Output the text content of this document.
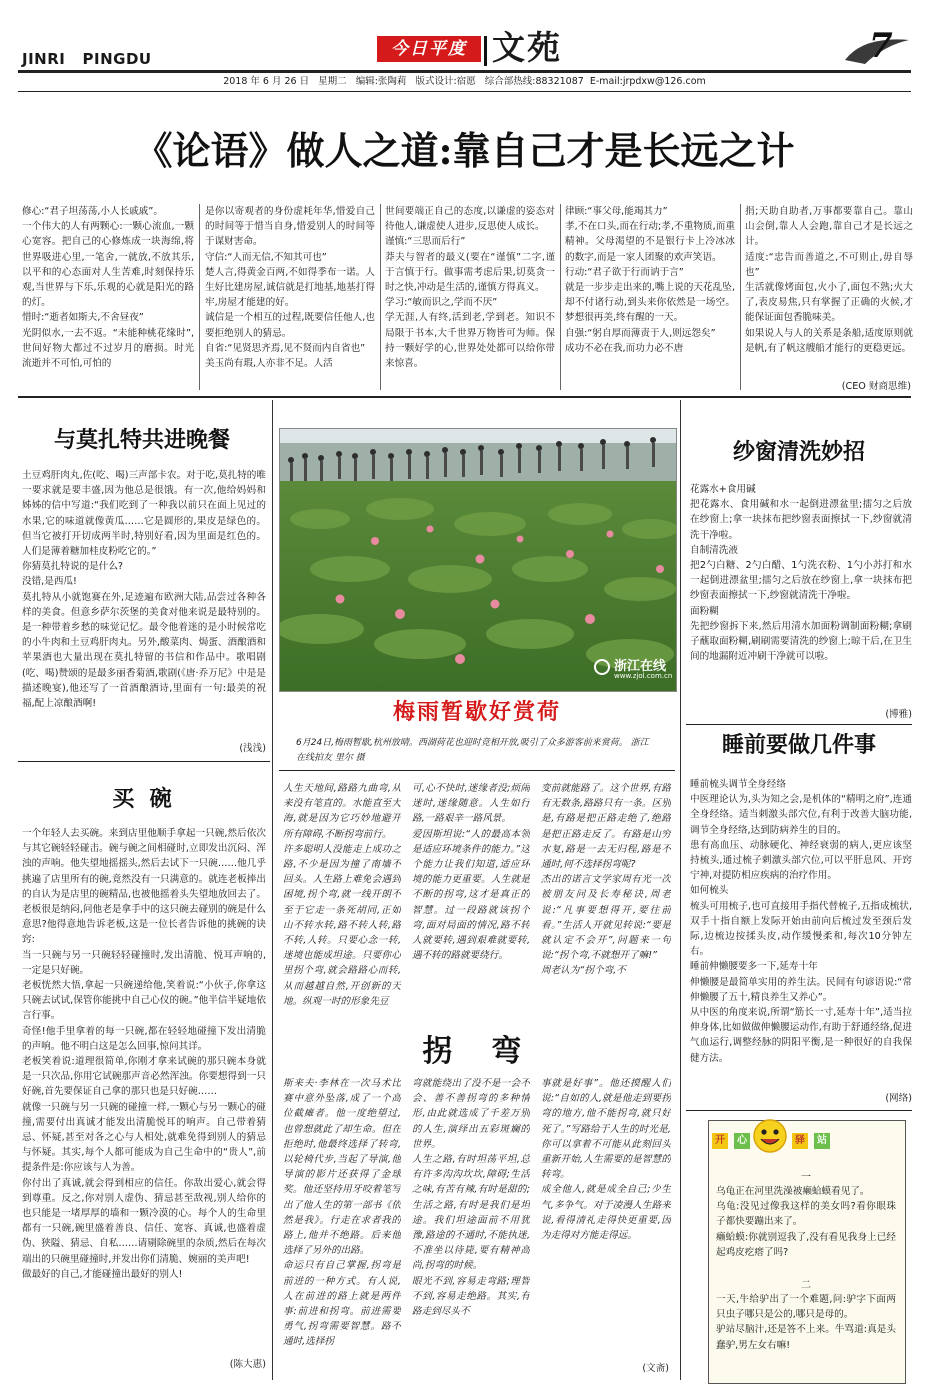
JINRI   PINGDU	今日平度 文苑	7
2018 年 6 月 26 日   星期二   编辑:张陶莉   版式设计:宿愿   综合部热线:88321087  E-mail:jrpdxw@126.com
《论语》做人之道:靠自己才是长远之计
修心:“君子坦荡荡,小人长戚戚”。
一个伟大的人有两颗心:一颗心流血,一颗心宽容。把自己的心修炼成一块海绵,将世界吸进心里,一笔舍,一就放,不放其乐,以平和的心态面对人生苦难,时刻保持乐观,当世界与下乐,乐观的心就是阳光的路的灯。
惜时:“逝者如斯夫,不舍昼夜”
光阴似水,一去不返。“未能种桃花缘时”,世间好物大都过不过岁月的磨损。时光流逝并不可怕,可怕的
是你以寄观者的身份虚耗年华,惜爱自己的时间等于惜当自身,惜爱别人的时间等于谋财害命。
守信:“人而无信,不知其可也”
楚人言,得黄金百两,不如得季布一诺。人生好比建房屋,诚信就是打地基,地基打得牢,房屋才能建的好。
诚信是一个相互的过程,既要信任他人,也要拒绝别人的猜忌。
自省:“见贤思齐焉,见不贤而内自省也”
美玉尚有瑕,人亦非不足。人活
世间要端正自己的态度,以谦虚的姿态对待他人,谦虚使人进步,反思使人成长。
谨慎:“三思而后行”
莽夫与智者的最义(要在“谨慎”二字,谨于言慎于行。做事需考虑后果,切莫贪一时之快,冲动是生活的,谨慎方得真义。
学习:“敏而识之,学而不厌”
学无涯,人有终,活到老,学到老。知识不局限于书本,大千世界万物皆可为师。保持一颗好学的心,世界处处都可以给你带来惊喜。
律顾:“事父母,能竭其力”
孝,不在口头,而在行动;孝,不重物质,而重精神。父母渴望的不是银行卡上冷冰冰的数字,而是一家人团聚的欢声笑语。
行动:“君子欲于行而讷于言”
就是一步步走出来的,嘴上说的天花乱坠,却不付诸行动,到头来你依然是一场空。梦想很再美,终有醒的一天。
自强:“躬自厚而薄责于人,则远怨矣”
成功不必在我,而功力必不唐
捐;天助自助者,万事都要靠自己。靠山山会倒,靠人人会跑,靠自己才是长远之计。
适度:“忠告而善道之,不可则止,毋自辱也”
生活就像烤面包,火小了,面包不熟;火大了,表皮易焦,只有掌握了正确的火候,才能保证面包香脆味美。
如果说人与人的关系是条船,适度原则就是帆,有了帆这艘船才能行的更稳更远。
(CEO 财商思维)
与莫扎特共进晚餐
土豆鸡肝肉丸,佐(吃、喝)三声部卡农。对于吃,莫扎特的唯一要求就是要丰盛,因为他总是很饿。有一次,他给妈妈和姊姊的信中写道:“我们吃到了一种我以前只在面上见过的水果,它的味道就像黄瓜……它是圆形的,果皮是绿色的。但当它被打开切成两半时,特别好看,因为里面是红色的。人们是薄着糖加桂皮粉吃它的。”
你猜莫扎特说的是什么?
没错,是西瓜!
莫扎特从小就饱赛在外,足迹遍布欧洲大陆,品尝过各种各样的美食。但意乡萨尔茨堡的美食对他来说是最特别的。是一种带着乡愁的味觉记忆。最令他着迷的是小时候常吃的小牛肉和土豆鸡肝肉丸。另外,酸菜肉、焗蛋、酒酿酒和苹果酒也大量出现在莫扎特留的书信和作品中。歌唱剧(吃、喝)赞颂的是最多丽香菊酒,歌剧(《唐·乔万尼》中是是描述晚宴),他还写了一首酒酿酒诗,里面有一句:最美的祝福,配上凉酿酒啊!
(浅浅)
买  碗
一个年轻人去买碗。来到店里他顺手拿起一只碗,然后依次与其它碗轻轻碰击。碗与碗之间相碰时,立即发出沉闷、浑浊的声响。他失望地摇摇头,然后去试下一只碗……他几乎挑遍了店里所有的碗,竟然没有一只满意的。就连老板捧出的自认为是店里的碗精品,也被他摇着头失望地放回去了。老板很是纳闷,问他老是拿手中的这只碗去碰别的碗是什么意思?他得意地告诉老板,这是一位长者告诉他的挑碗的诀窍:
当一只碗与另一只碗轻轻碰撞时,发出清脆、悦耳声响的,一定是只好碗。
老板恍然大悟,拿起一只碗递给他,笑着说:“小伙子,你拿这只碗去试试,保管你能挑中自己心仪的碗。”他半信半疑地依言行事。
奇怪!他手里拿着的每一只碗,都在轻轻地碰撞下发出清脆的声响。他不明白这是怎么回事,惊问其详。
老板笑着说:道理很简单,你刚才拿来试碗的那只碗本身就是一只次品,你用它试碗那声音必然浑浊。你要想得到一只好碗,首先要保证自己拿的那只也是只好碗……
就像一只碗与另一只碗的碰撞一样,一颗心与另一颗心的碰撞,需要付出真诚才能发出清脆悦耳的响声。自己带着猜忌、怀疑,甚至对各之心与人相处,就难免得到别人的猜忌与怀疑。其实,每个人都可能成为自己生命中的“贵人”,前提条件是:你应该与人为善。
你付出了真诚,就会得到相应的信任。你敌出爱心,就会得到尊重。反之,你对别人虚伪、猜忌甚至敌视,别人给你的也只能是一堵厚厚的墙和一颗冷漠的心。每个人的生命里都有一只碗,碗里盛着善良、信任、宽容、真诚,也盛着虚伪、狭隘、猜忌、自私……请剔除碗里的杂质,然后在每次端出的只碗里碰撞时,并发出你们清脆、婉丽的美声吧!
做最好的自己,才能碰撞出最好的别人!
(陈大惠)
浙江在线
www.zjol.com.cn
梅雨暂歇好赏荷
6月24日,梅雨暂歇,杭州放晴。西湖荷花也迎时竞相开放,吸引了众多游客前来赏荷。 浙江在线拍友 里尔 摄
人生天地间,路路九曲弯,从来没有笔直的。水能直至大海,就是因为它巧妙地避开所有障碍,不断拐弯前行。
许多聪明人没能走上成功之路,不少是因为撞了南墙不回头。人生路上难免会遇到困境,拐个弯,就一线开朗不至于它走一条死胡同,正如山不转水转,路不转人转,路不转,人转。只要心念一转,迷境也能成坦途。只要你心里拐个弯,就会路路心而转,从而越越自然,开创新的天地。纵观一时的形象先豆
可,心不快时,迷缘者没;烦闹迷时,迷缘随意。人生如行路,一路艰辛一路风景。
爱因斯坦说:“人的最高本领是适应环境条件的能力。”这个能力让我们知道,适应环境的能力更重要。人生就是不断的拐弯,这才是真正的智慧。过一段路就该拐个弯,面对局面的情况,路不转人就要转,遇到艰难就要转,遇不转的路就要绕行。
变前就能路了。这个世界,有路有无数条,路路只有一条。区别是,有路是把正路走绝了,绝路是把正路走反了。有路是山穷水复,路是一去无归程,路是不通时,何不选择拐弯呢?
杰出的诺言文学家周有光一次被朋友问及长寿秘诀,周老说:“凡事要想得开,要往前看。”生活人开就见转说:“要是就认定不会开”,问题来一句说:“拐个弯,不就想开了嘛!”
周老认为“拐个弯,不
拐  弯
斯来夫·李林在一次马术比赛中意外坠落,成了一个高位截瘫者。他一度绝望过,也曾想就此了却生命。但在拒绝时,他最终选择了转弯,以轮椅代步,当起了导演,他导演的影片还获得了金球奖。他还坚持用牙咬着笔写出了他人生的第一部书《依然是我》。行走在求者我的路上,他并不绝路。后来他选择了另外的出路。
命运只有自己掌握,拐弯是前进的一种方式。有人说,人在前进的路上就是两件事:前进和拐弯。前进需要勇气,拐弯需要智慧。路不通时,选择拐
弯就能绕出了没不是一会不会、善不善拐弯的多种情形,由此就选成了千差万别的人生,演绎出五彩斑斓的世界。
人生之路,有时坦荡平坦,总有许多沟沟坎坎,障碍;生活之味,有苦有辣,有时是甜的;生活之路,有时是我们是坦途。我们坦途面前不用犹豫,路途的不通时,不能执迷,不准坐以待毙,要有精神高尚,拐弯的时候。
眼光不到,容易走弯路;理智不到,容易走绝路。其实,有路走到尽头不
事就是好事”。他还摸醒人们说:“自如的人,就是他走到要拐弯的地方,他不能拐弯,就只好死了。”写路给于人生的时光是,你可以拿着不可能从此刻回头重新开始,人生需要的是智慧的转弯。
成全他人,就是成全自己;少生气,多争气。对于凌漫人生路来说,看得清礼走得快更重要,因为走得对方能走得远。
(文斋)
纱窗清洗妙招
花露水+食用碱
把花露水、食用碱和水一起倒进漂盆里;擂匀之后放在纱窗上;拿一块抹布把纱窗表面擦拭一下,纱窗就清洗干净啦。
自制清洗液
把2勺白糖、2勺白醋、1勺洗衣粉、1勺小苏打和水一起倒进漂盆里;擂匀之后放在纱窗上,拿一块抹布把纱窗表面擦拭一下,纱窗就清洗干净啦。
面粉糊
先把纱窗拆下来,然后用清水加面粉调制面粉糊;拿刷子蘸取面粉糊,刷刷需要清洗的纱窗上;晾干后,在卫生间的地漏附近冲刷干净就可以啦。
(博雅)
睡前要做几件事
睡前梳头调节全身经络
中医理论认为,头为知之会,是机体的“精明之府”,连通全身经络。适当刺激头部穴位,有利于改善大脑功能,调节全身经络,达到防病养生的目的。
患有高血压、动脉硬化、神经衰弱的病人,更应该坚持梳头,通过梳子刺激头部穴位,可以平肝息风、开窍宁神,对提防相应疾病的治疗作用。
如何梳头
梳头可用梳子,也可直接用手指代替梳子,五指成梳状,双手十指自额上发际开始由前向后梳过发至颈后发际,边梳边按揉头皮,动作缓慢柔和,每次10分钟左右。
睡前伸懒腰要多一下,延寿十年
伸懒腰是最简单实用的养生法。民间有句谚语说:“常伸懒腰了五十,精良养生又养心”。
从中医的角度来说,所谓“筋长一寸,延寿十年”,适当拉伸身体,比如做做伸懒腰运动作,有助于舒通经络,促进气血运行,调整经脉的阴阳平衡,是一种很好的自我保健方法。
(网络)
开	心	驿	站
一
乌龟正在河里洗澡被癞蛤蟆看见了。
乌龟:没见过像我这样的美女吗?看你眼珠子都快要蹦出来了。
癞蛤蟆:你就别逗我了,没有看见我身上已经起鸡皮疙瘩了吗?
二
一天,牛给驴出了一个难题,问:驴字下面两只虫子哪只是公的,哪只是母的。
驴站尽脑汁,还是答不上来。牛骂道:真是头蠢驴,男左女右嘛!
